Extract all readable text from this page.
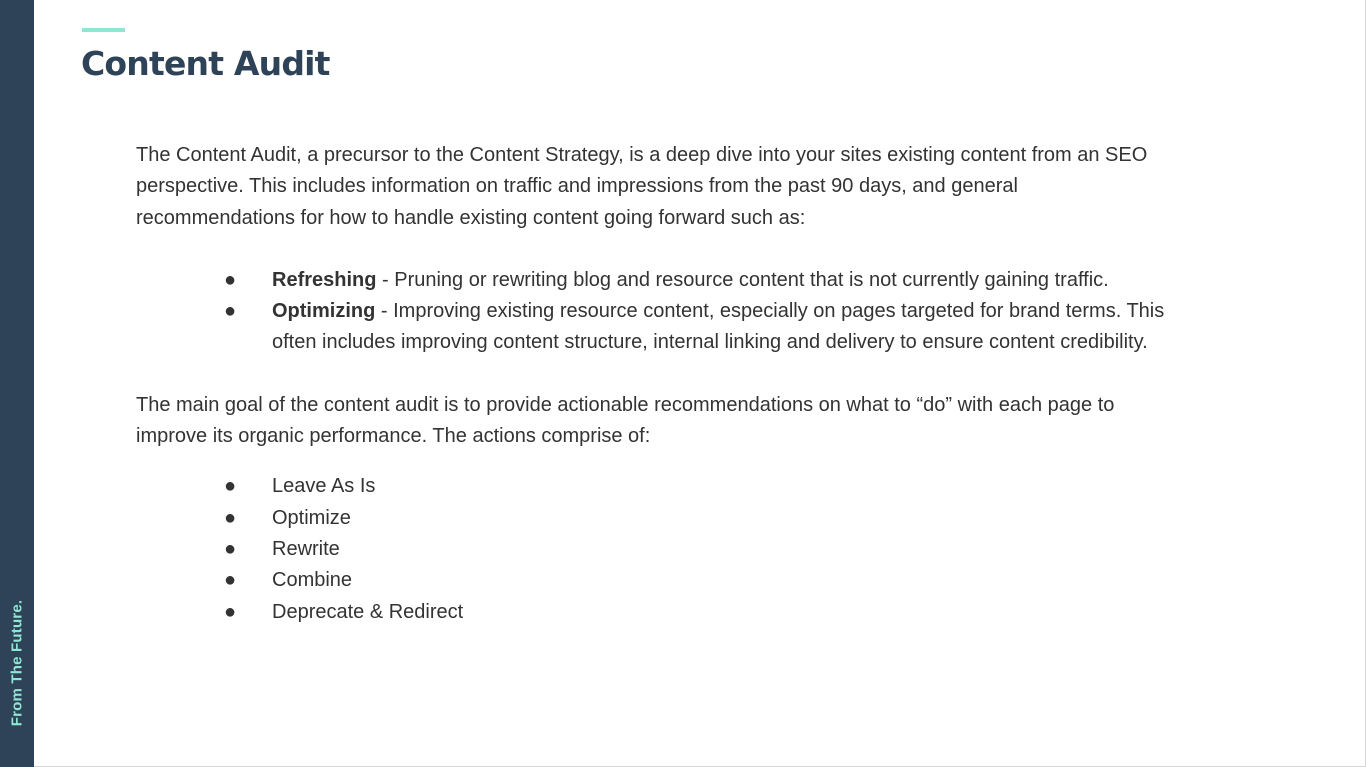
From The Future.
Content Audit

The Content Audit, a precursor to the Content Strategy, is a deep dive into your sites existing content from an SEO perspective. This includes information on traffic and impressions from the past 90 days, and general recommendations for how to handle existing content going forward such as:

● Refreshing - Pruning or rewriting blog and resource content that is not currently gaining traffic.
● Optimizing - Improving existing resource content, especially on pages targeted for brand terms. This often includes improving content structure, internal linking and delivery to ensure content credibility.

The main goal of the content audit is to provide actionable recommendations on what to “do” with each page to improve its organic performance. The actions comprise of:

● Leave As Is
● Optimize
● Rewrite
● Combine
● Deprecate & Redirect
